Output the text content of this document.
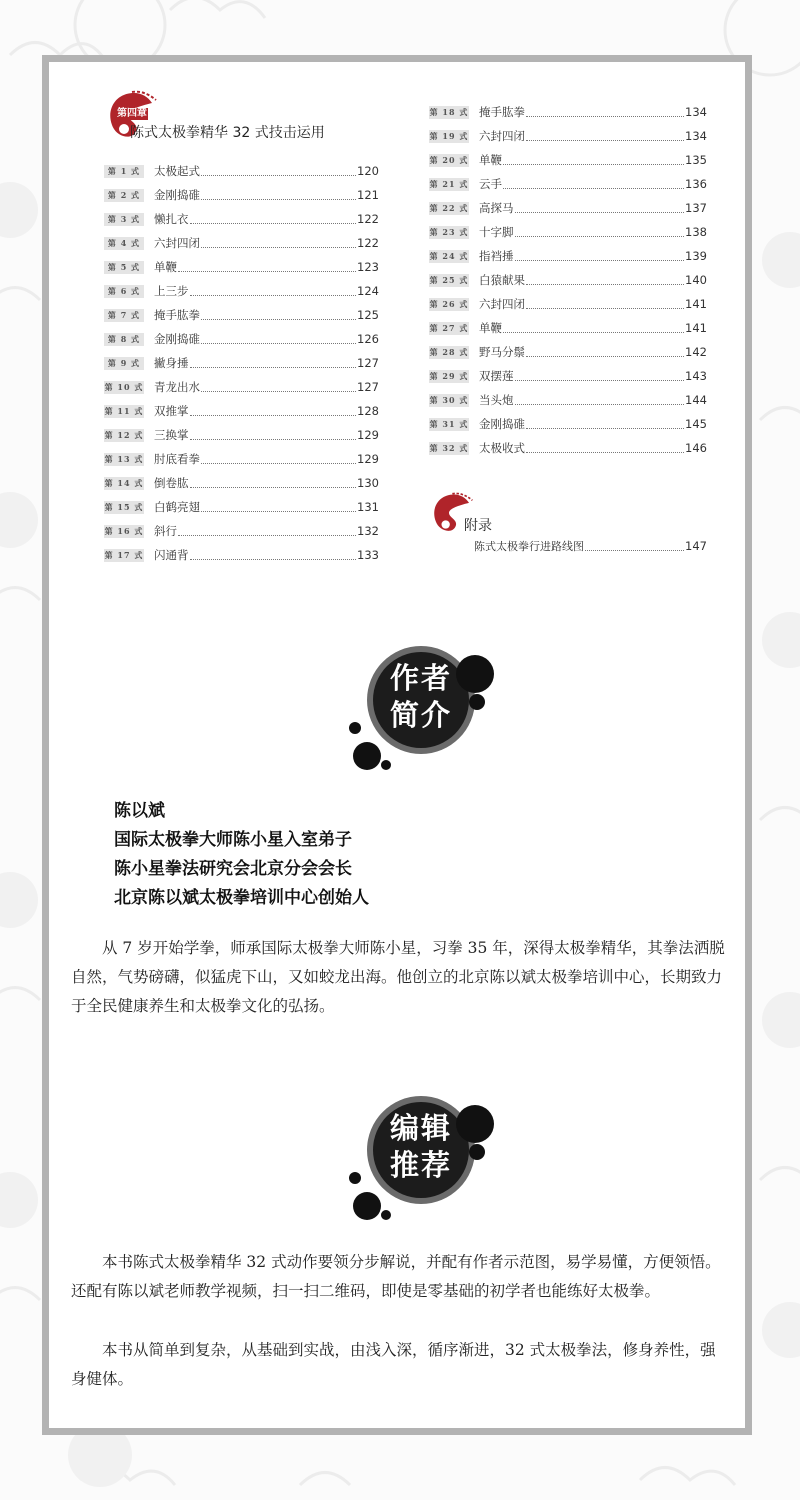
第四章
陈式太极拳精华 32 式技击运用
第 1 式	太极起式	120
第 2 式	金刚捣碓	121
第 3 式	懒扎衣	122
第 4 式	六封四闭	122
第 5 式	单鞭	123
第 6 式	上三步	124
第 7 式	掩手肱拳	125
第 8 式	金刚捣碓	126
第 9 式	撇身捶	127
第 10 式 青龙出水	127
第 11 式 双推掌	128
第 12 式 三换掌	129
第 13 式 肘底看拳	129
第 14 式 倒卷肱	130
第 15 式 白鹤亮翅	131
第 16 式 斜行	132
第 17 式 闪通背	133
第 18 式 掩手肱拳	134
第 19 式 六封四闭	134
第 20 式 单鞭	135
第 21 式 云手	136
第 22 式 高探马	137
第 23 式 十字脚	138
第 24 式 指裆捶	139
第 25 式 白猿献果	140
第 26 式 六封四闭	141
第 27 式 单鞭	141
第 28 式 野马分鬃	142
第 29 式 双摆莲	143
第 30 式 当头炮	144
第 31 式 金刚捣碓	145
第 32 式 太极收式	146
附录
陈式太极拳行进路线图	147
作者
简介
陈以斌
国际太极拳大师陈小星入室弟子
陈小星拳法研究会北京分会会长
北京陈以斌太极拳培训中心创始人

从 7 岁开始学拳，师承国际太极拳大师陈小星，习拳 35 年，深得太极拳精华，其拳法洒脱自然，气势磅礴，似猛虎下山，又如蛟龙出海。他创立的北京陈以斌太极拳培训中心，长期致力于全民健康养生和太极拳文化的弘扬。

编辑
推荐

本书陈式太极拳精华 32 式动作要领分步解说，并配有作者示范图，易学易懂，方便领悟。还配有陈以斌老师教学视频，扫一扫二维码，即使是零基础的初学者也能练好太极拳。

本书从简单到复杂，从基础到实战，由浅入深，循序渐进，32 式太极拳法，修身养性，强身健体。
